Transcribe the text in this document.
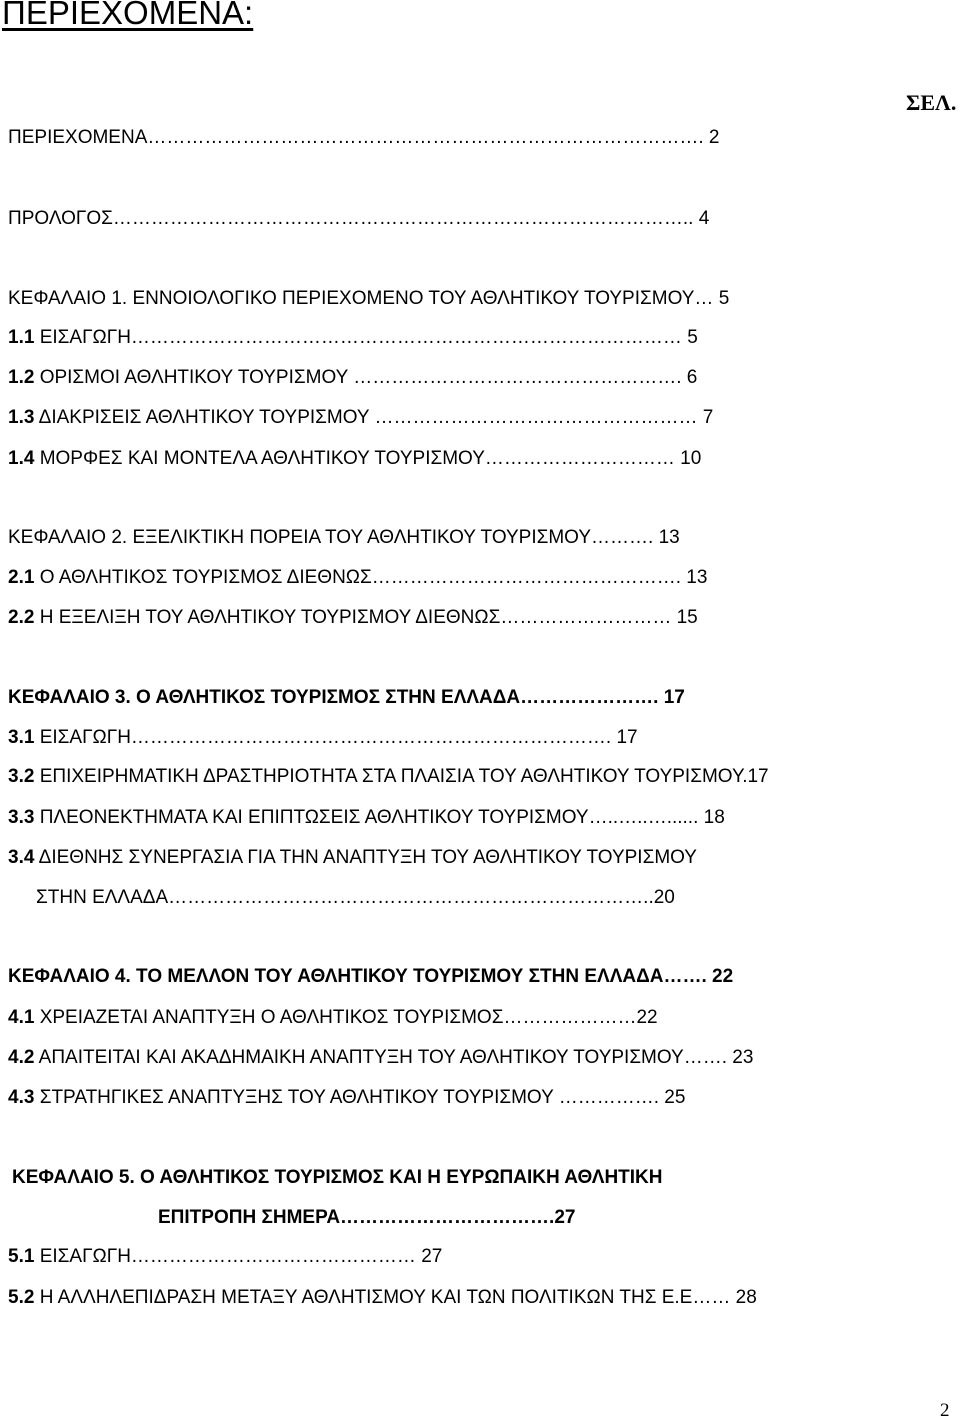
ΠΕΡΙΕΧΟΜΕΝΑ:
ΣΕΛ.
ΠΕΡΙΕΧΟΜΕΝΑ……………………………………………………………………………. 2
ΠΡΟΛΟΓΟΣ……………………………………………………………………………….. 4
ΚΕΦΑΛΑΙΟ 1. ΕΝΝΟΙΟΛΟΓΙΚΟ ΠΕΡΙΕΧΟΜΕΝΟ ΤΟΥ ΑΘΛΗΤΙΚΟΥ ΤΟΥΡΙΣΜΟΥ… 5
1.1 ΕΙΣΑΓΩΓΗ…………………………………………………………………………… 5
1.2 ΟΡΙΣΜΟΙ ΑΘΛΗΤΙΚΟΥ ΤΟΥΡΙΣΜΟΥ ……………………………………………. 6
1.3 ΔΙΑΚΡΙΣΕΙΣ ΑΘΛΗΤΙΚΟΥ ΤΟΥΡΙΣΜΟΥ …………………………………………… 7
1.4 ΜΟΡΦΕΣ ΚΑΙ ΜΟΝΤΕΛΑ ΑΘΛΗΤΙΚΟΥ ΤΟΥΡΙΣΜΟΥ………………………… 10
ΚΕΦΑΛΑΙΟ 2. ΕΞΕΛΙΚΤΙΚΗ ΠΟΡΕΙΑ ΤΟΥ ΑΘΛΗΤΙΚΟΥ ΤΟΥΡΙΣΜΟΥ………. 13
2.1 Ο ΑΘΛΗΤΙΚΟΣ ΤΟΥΡΙΣΜΟΣ ΔΙΕΘΝΩΣ…………………………………………. 13
2.2 Η ΕΞΕΛΙΞΗ ΤΟΥ ΑΘΛΗΤΙΚΟΥ ΤΟΥΡΙΣΜΟΥ ΔΙΕΘΝΩΣ……………………… 15
ΚΕΦΑΛΑΙΟ 3. Ο ΑΘΛΗΤΙΚΟΣ ΤΟΥΡΙΣΜΟΣ ΣΤΗΝ ΕΛΛΑΔΑ…………………. 17
3.1 ΕΙΣΑΓΩΓΗ…………………………………………………………………. 17
3.2 ΕΠΙΧΕΙΡΗΜΑΤΙΚΗ ΔΡΑΣΤΗΡΙΟΤΗΤΑ ΣΤΑ ΠΛΑΙΣΙΑ ΤΟΥ ΑΘΛΗΤΙΚΟΥ ΤΟΥΡΙΣΜΟΥ.17
3.3 ΠΛΕΟΝΕΚΤΗΜΑΤΑ ΚΑΙ ΕΠΙΠΤΩΣΕΙΣ ΑΘΛΗΤΙΚΟΥ ΤΟΥΡΙΣΜΟΥ…..…..…...... 18
3.4 ΔΙΕΘΝΗΣ ΣΥΝΕΡΓΑΣΙΑ ΓΙΑ ΤΗΝ ΑΝΑΠΤΥΞΗ ΤΟΥ ΑΘΛΗΤΙΚΟΥ ΤΟΥΡΙΣΜΟΥ
ΣΤΗΝ ΕΛΛΑΔΑ…………………………………………………………………..20
ΚΕΦΑΛΑΙΟ 4. ΤΟ ΜΕΛΛΟΝ ΤΟΥ ΑΘΛΗΤΙΚΟΥ ΤΟΥΡΙΣΜΟΥ ΣΤΗΝ ΕΛΛΑΔΑ……. 22
4.1 ΧΡΕΙΑΖΕΤΑΙ ΑΝΑΠΤΥΞΗ Ο ΑΘΛΗΤΙΚΟΣ ΤΟΥΡΙΣΜΟΣ…………………22
4.2 ΑΠΑΙΤΕΙΤΑΙ ΚΑΙ ΑΚΑΔΗΜΑΙΚΗ ΑΝΑΠΤΥΞΗ ΤΟΥ ΑΘΛΗΤΙΚΟΥ ΤΟΥΡΙΣΜΟΥ……. 23
4.3 ΣΤΡΑΤΗΓΙΚΕΣ ΑΝΑΠΤΥΞΗΣ ΤΟΥ ΑΘΛΗΤΙΚΟΥ ΤΟΥΡΙΣΜΟΥ ……………. 25
ΚΕΦΑΛΑΙΟ 5. Ο ΑΘΛΗΤΙΚΟΣ ΤΟΥΡΙΣΜΟΣ ΚΑΙ Η ΕΥΡΩΠΑΙΚΗ ΑΘΛΗΤΙΚΗ
ΕΠΙΤΡΟΠΗ ΣΗΜΕΡΑ…………………………….27
5.1 ΕΙΣΑΓΩΓΗ……………………………………… 27
5.2 Η ΑΛΛΗΛΕΠΙΔΡΑΣΗ ΜΕΤΑΞΥ ΑΘΛΗΤΙΣΜΟΥ ΚΑΙ ΤΩΝ ΠΟΛΙΤΙΚΩΝ ΤΗΣ Ε.Ε…… 28
2
